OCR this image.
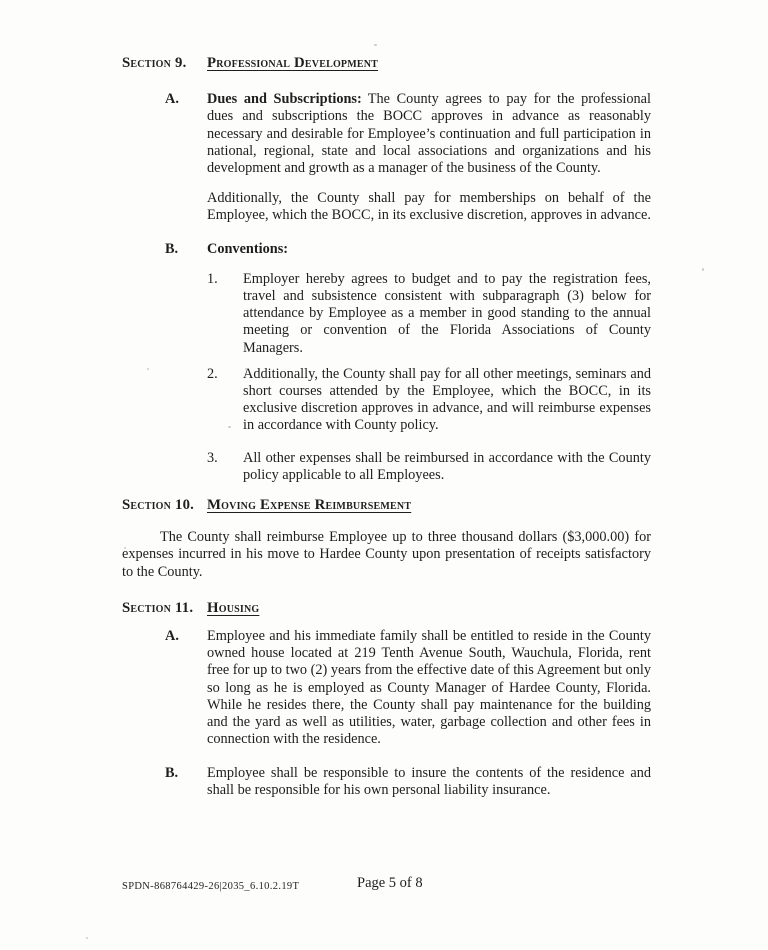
Section 9.	Professional Development
A.	Dues and Subscriptions: The County agrees to pay for the professional dues and subscriptions the BOCC approves in advance as reasonably necessary and desirable for Employee’s continuation and full participation in national, regional, state and local associations and organizations and his development and growth as a manager of the business of the County.
Additionally, the County shall pay for memberships on behalf of the Employee, which the BOCC, in its exclusive discretion, approves in advance.
B.	Conventions:
1.	Employer hereby agrees to budget and to pay the registration fees, travel and subsistence consistent with subparagraph (3) below for attendance by Employee as a member in good standing to the annual meeting or convention of the Florida Associations of County Managers.
2.	Additionally, the County shall pay for all other meetings, seminars and short courses attended by the Employee, which the BOCC, in its exclusive discretion approves in advance, and will reimburse expenses in accordance with County policy.
3.	All other expenses shall be reimbursed in accordance with the County policy applicable to all Employees.
Section 10. Moving Expense Reimbursement
The County shall reimburse Employee up to three thousand dollars ($3,000.00) for expenses incurred in his move to Hardee County upon presentation of receipts satisfactory to the County.
Section 11. Housing
A.	Employee and his immediate family shall be entitled to reside in the County owned house located at 219 Tenth Avenue South, Wauchula, Florida, rent free for up to two (2) years from the effective date of this Agreement but only so long as he is employed as County Manager of Hardee County, Florida. While he resides there, the County shall pay maintenance for the building and the yard as well as utilities, water, garbage collection and other fees in connection with the residence.
B.	Employee shall be responsible to insure the contents of the residence and shall be responsible for his own personal liability insurance.
SPDN-868764429-26|2035_6.10.2.19T	Page 5 of 8
